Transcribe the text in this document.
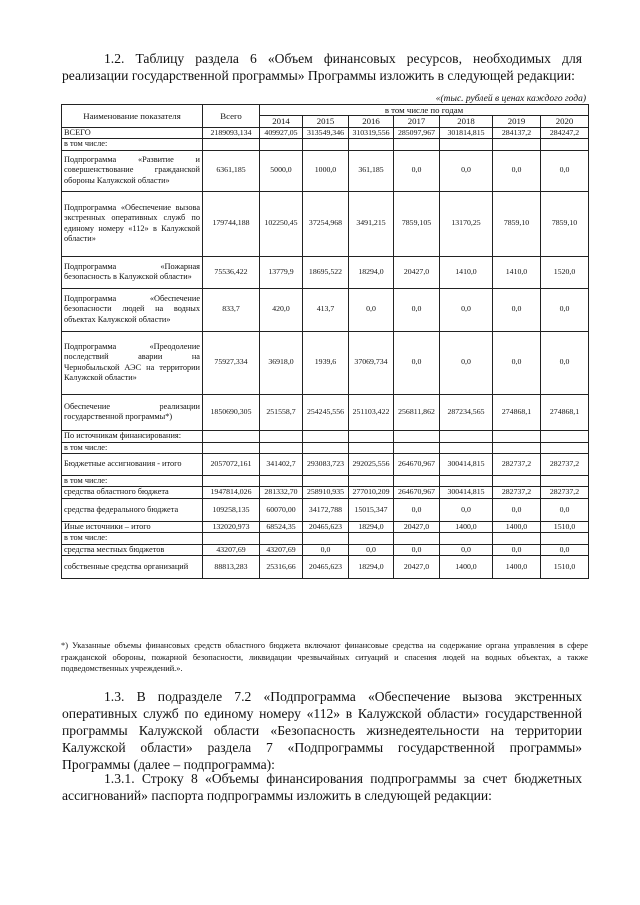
1.2. Таблицу раздела 6 «Объем финансовых ресурсов, необходимых для реализации государственной программы» Программы изложить в следующей редакции:
«(тыс. рублей в ценах каждого года)
Наименование показателя	Всего	в том числе по годам						
		2014	2015	2016	2017	2018	2019	2020
ВСЕГО	2189093,134	409927,05	313549,346	310319,556	285097,967	301814,815	284137,2	284247,2
в том числе:								
Подпрограмма «Развитие и совершенствование гражданской обороны Калужской области»	6361,185	5000,0	1000,0	361,185	0,0	0,0	0,0	0,0
Подпрограмма «Обеспечение вызова экстренных оперативных служб по единому номеру «112» в Калужской области»	179744,188	102250,45	37254,968	3491,215	7859,105	13170,25	7859,10	7859,10
Подпрограмма «Пожарная безопасность в Калужской области»	75536,422	13779,9	18695,522	18294,0	20427,0	1410,0	1410,0	1520,0
Подпрограмма «Обеспечение безопасности людей на водных объектах Калужской области»	833,7	420,0	413,7	0,0	0,0	0,0	0,0	0,0
Подпрограмма «Преодоление последствий аварии на Чернобыльской АЭС на территории Калужской области»	75927,334	36918,0	1939,6	37069,734	0,0	0,0	0,0	0,0
Обеспечение реализации государственной программы*)	1850690,305	251558,7	254245,556	251103,422	256811,862	287234,565	274868,1	274868,1
По источникам финансирования:								
в том числе:								
Бюджетные ассигнования - итого	2057072,161	341402,7	293083,723	292025,556	264670,967	300414,815	282737,2	282737,2
в том числе:								
средства областного бюджета	1947814,026	281332,70	258910,935	277010,209	264670,967	300414,815	282737,2	282737,2
средства федерального бюджета	109258,135	60070,00	34172,788	15015,347	0,0	0,0	0,0	0,0
Иные источники – итого	132020,973	68524,35	20465,623	18294,0	20427,0	1400,0	1400,0	1510,0
в том числе:								
средства местных бюджетов	43207,69	43207,69	0,0	0,0	0,0	0,0	0,0	0,0
собственные средства организаций	88813,283	25316,66	20465,623	18294,0	20427,0	1400,0	1400,0	1510,0
*) Указанные объемы финансовых средств областного бюджета включают финансовые средства на содержание органа управления в сфере гражданской обороны, пожарной безопасности, ликвидации чрезвычайных ситуаций и спасения людей на водных объектах, а также подведомственных учреждений.».
1.3. В подразделе 7.2 «Подпрограмма «Обеспечение вызова экстренных оперативных служб по единому номеру «112» в Калужской области» государственной программы Калужской области «Безопасность жизнедеятельности на территории Калужской области» раздела 7 «Подпрограммы государственной программы» Программы (далее – подпрограмма):
1.3.1. Строку 8 «Объемы финансирования подпрограммы за счет бюджетных ассигнований» паспорта подпрограммы изложить в следующей редакции:
